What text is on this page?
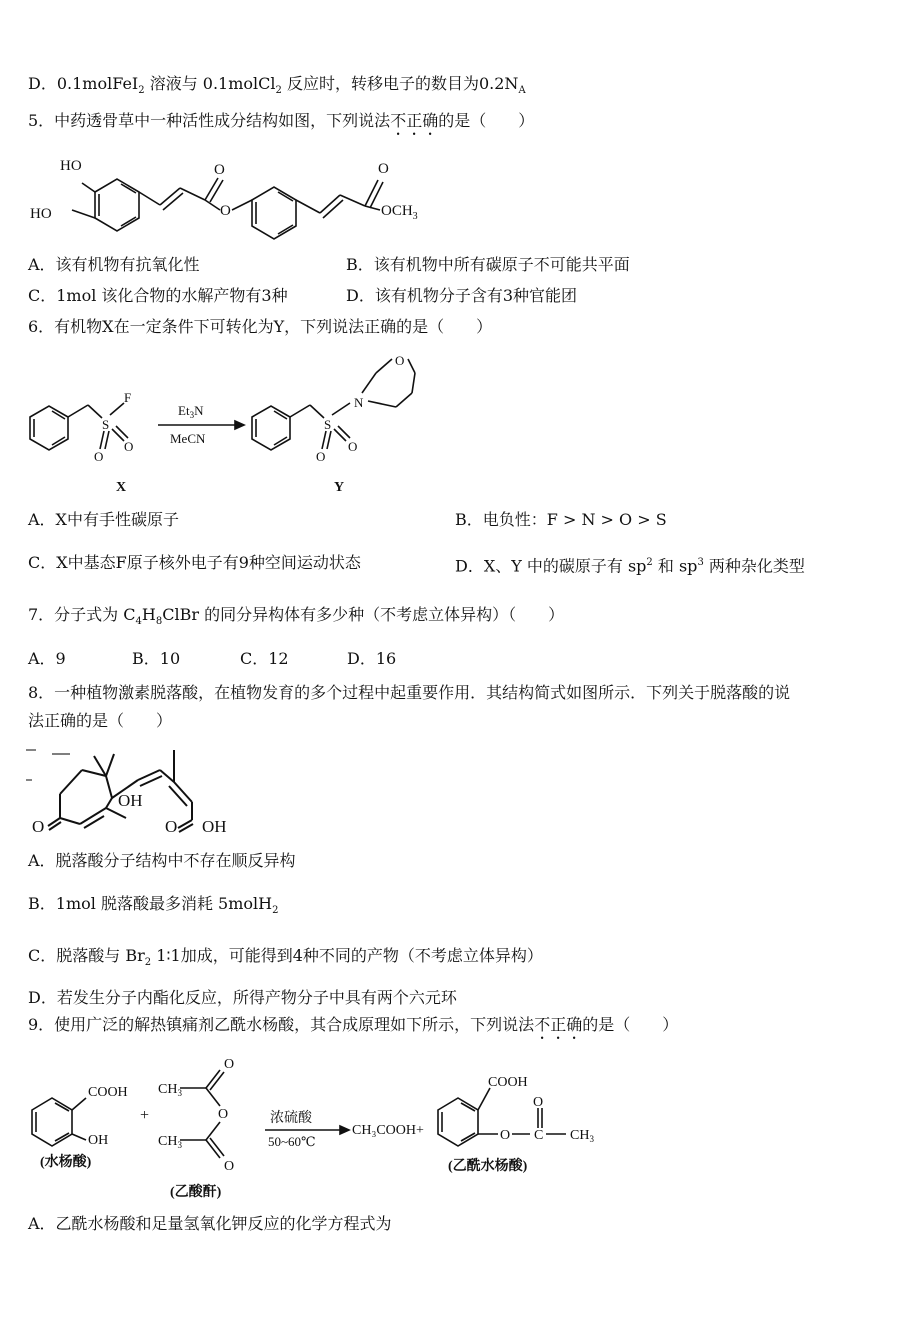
D．0.1molFeI$_2$ 溶液与 0.1molCl$_2$ 反应时，转移电子的数目为$0.2N_A$
5．中药透骨草中一种活性成分结构如图，下列说法不正确的是（　　）
HO
HO
O
O
O
$OCH_3$
A．该有机物有抗氧化性	B．该有机物中所有碳原子不可能共平面
C．1mol 该化合物的水解产物有3种	D．该有机物分子含有3种官能团
6．有机物X在一定条件下可转化为Y，下列说法正确的是（　　）
F
S
O
O
$Et_3N$
MeCN
S
O
O
N
O
X	Y
A．X中有手性碳原子	B．电负性：F > N > O > S
C．X中基态F原子核外电子有9种空间运动状态	D．X、Y 中的碳原子有 $sp^2$ 和 $sp^3$ 两种杂化类型
7．分子式为 $C_4H_8ClBr$ 的同分异构体有多少种（不考虑立体异构）（　　）
A．9	B．10	C．12	D．16
8．一种植物激素脱落酸，在植物发育的多个过程中起重要作用．其结构简式如图所示．下列关于脱落酸的说
法正确的是（　　）
OH
O	O OH
A．脱落酸分子结构中不存在顺反异构
B．1mol 脱落酸最多消耗 5molH$_2$
C．脱落酸与 $Br_2$ 1∶1加成，可能得到4种不同的产物（不考虑立体异构）
D．若发生分子内酯化反应，所得产物分子中具有两个六元环
9．使用广泛的解热镇痛剂乙酰水杨酸，其合成原理如下所示，下列说法不正确的是（　　）
COOH
OH
(水杨酸)
+
$CH_3$
$CH_3$
O
O
O
(乙酸酐)
浓硫酸
50~60℃
CH₃COOH+
COOH
O
O
C $CH_3$
(乙酰水杨酸)
A．乙酰水杨酸和足量氢氧化钾反应的化学方程式为
